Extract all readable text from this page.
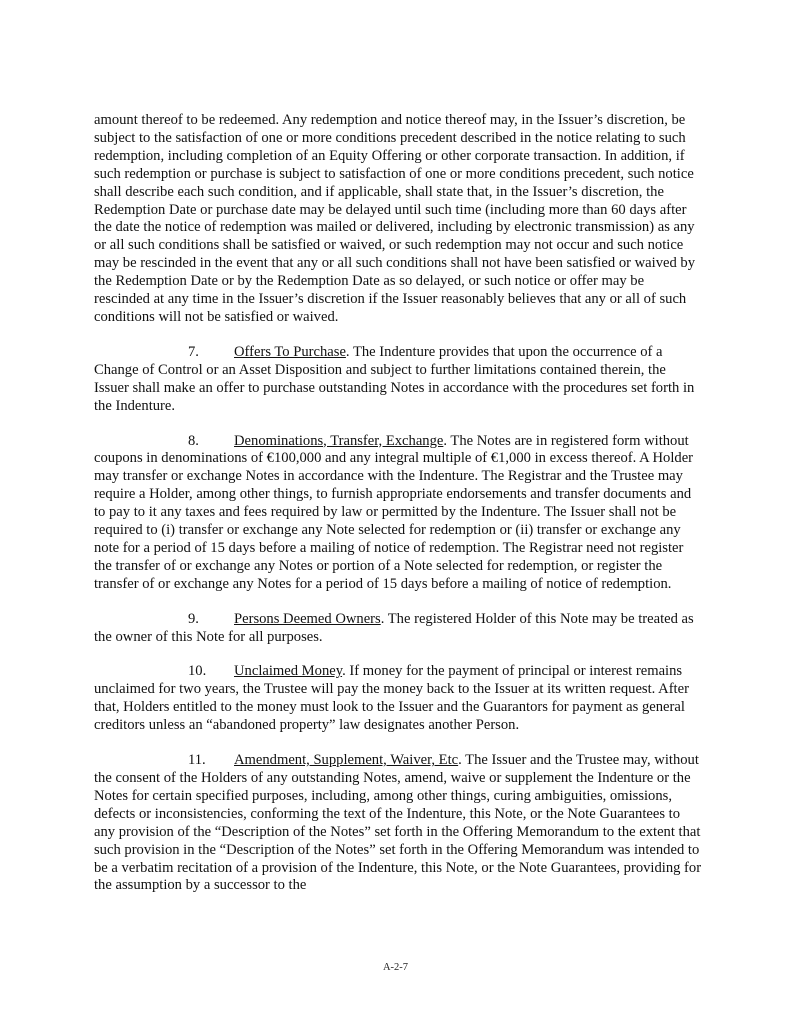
amount thereof to be redeemed. Any redemption and notice thereof may, in the Issuer’s discretion, be subject to the satisfaction of one or more conditions precedent described in the notice relating to such redemption, including completion of an Equity Offering or other corporate transaction. In addition, if such redemption or purchase is subject to satisfaction of one or more conditions precedent, such notice shall describe each such condition, and if applicable, shall state that, in the Issuer’s discretion, the Redemption Date or purchase date may be delayed until such time (including more than 60 days after the date the notice of redemption was mailed or delivered, including by electronic transmission) as any or all such conditions shall be satisfied or waived, or such redemption may not occur and such notice may be rescinded in the event that any or all such conditions shall not have been satisfied or waived by the Redemption Date or by the Redemption Date as so delayed, or such notice or offer may be rescinded at any time in the Issuer’s discretion if the Issuer reasonably believes that any or all of such conditions will not be satisfied or waived.

7. Offers To Purchase. The Indenture provides that upon the occurrence of a Change of Control or an Asset Disposition and subject to further limitations contained therein, the Issuer shall make an offer to purchase outstanding Notes in accordance with the procedures set forth in the Indenture.

8. Denominations, Transfer, Exchange. The Notes are in registered form without coupons in denominations of €100,000 and any integral multiple of €1,000 in excess thereof. A Holder may transfer or exchange Notes in accordance with the Indenture. The Registrar and the Trustee may require a Holder, among other things, to furnish appropriate endorsements and transfer documents and to pay to it any taxes and fees required by law or permitted by the Indenture. The Issuer shall not be required to (i) transfer or exchange any Note selected for redemption or (ii) transfer or exchange any note for a period of 15 days before a mailing of notice of redemption. The Registrar need not register the transfer of or exchange any Notes or portion of a Note selected for redemption, or register the transfer of or exchange any Notes for a period of 15 days before a mailing of notice of redemption.

9. Persons Deemed Owners. The registered Holder of this Note may be treated as the owner of this Note for all purposes.

10. Unclaimed Money. If money for the payment of principal or interest remains unclaimed for two years, the Trustee will pay the money back to the Issuer at its written request. After that, Holders entitled to the money must look to the Issuer and the Guarantors for payment as general creditors unless an “abandoned property” law designates another Person.

11. Amendment, Supplement, Waiver, Etc. The Issuer and the Trustee may, without the consent of the Holders of any outstanding Notes, amend, waive or supplement the Indenture or the Notes for certain specified purposes, including, among other things, curing ambiguities, omissions, defects or inconsistencies, conforming the text of the Indenture, this Note, or the Note Guarantees to any provision of the “Description of the Notes” set forth in the Offering Memorandum to the extent that such provision in the “Description of the Notes” set forth in the Offering Memorandum was intended to be a verbatim recitation of a provision of the Indenture, this Note, or the Note Guarantees, providing for the assumption by a successor to the

A-2-7
